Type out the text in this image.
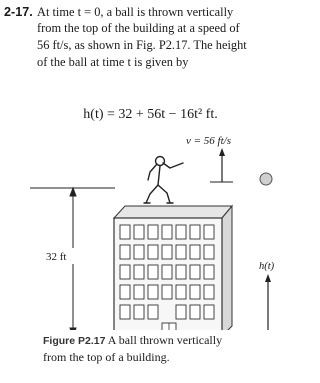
2-17. At time t = 0, a ball is thrown vertically
from the top of the building at a speed of
56 ft/s, as shown in Fig. P2.17. The height
of the ball at time t is given by
h(t) = 32 + 56t − 16t² ft.
v = 56 ft/s
32 ft
h(t)
Figure P2.17 A ball thrown vertically
from the top of a building.
